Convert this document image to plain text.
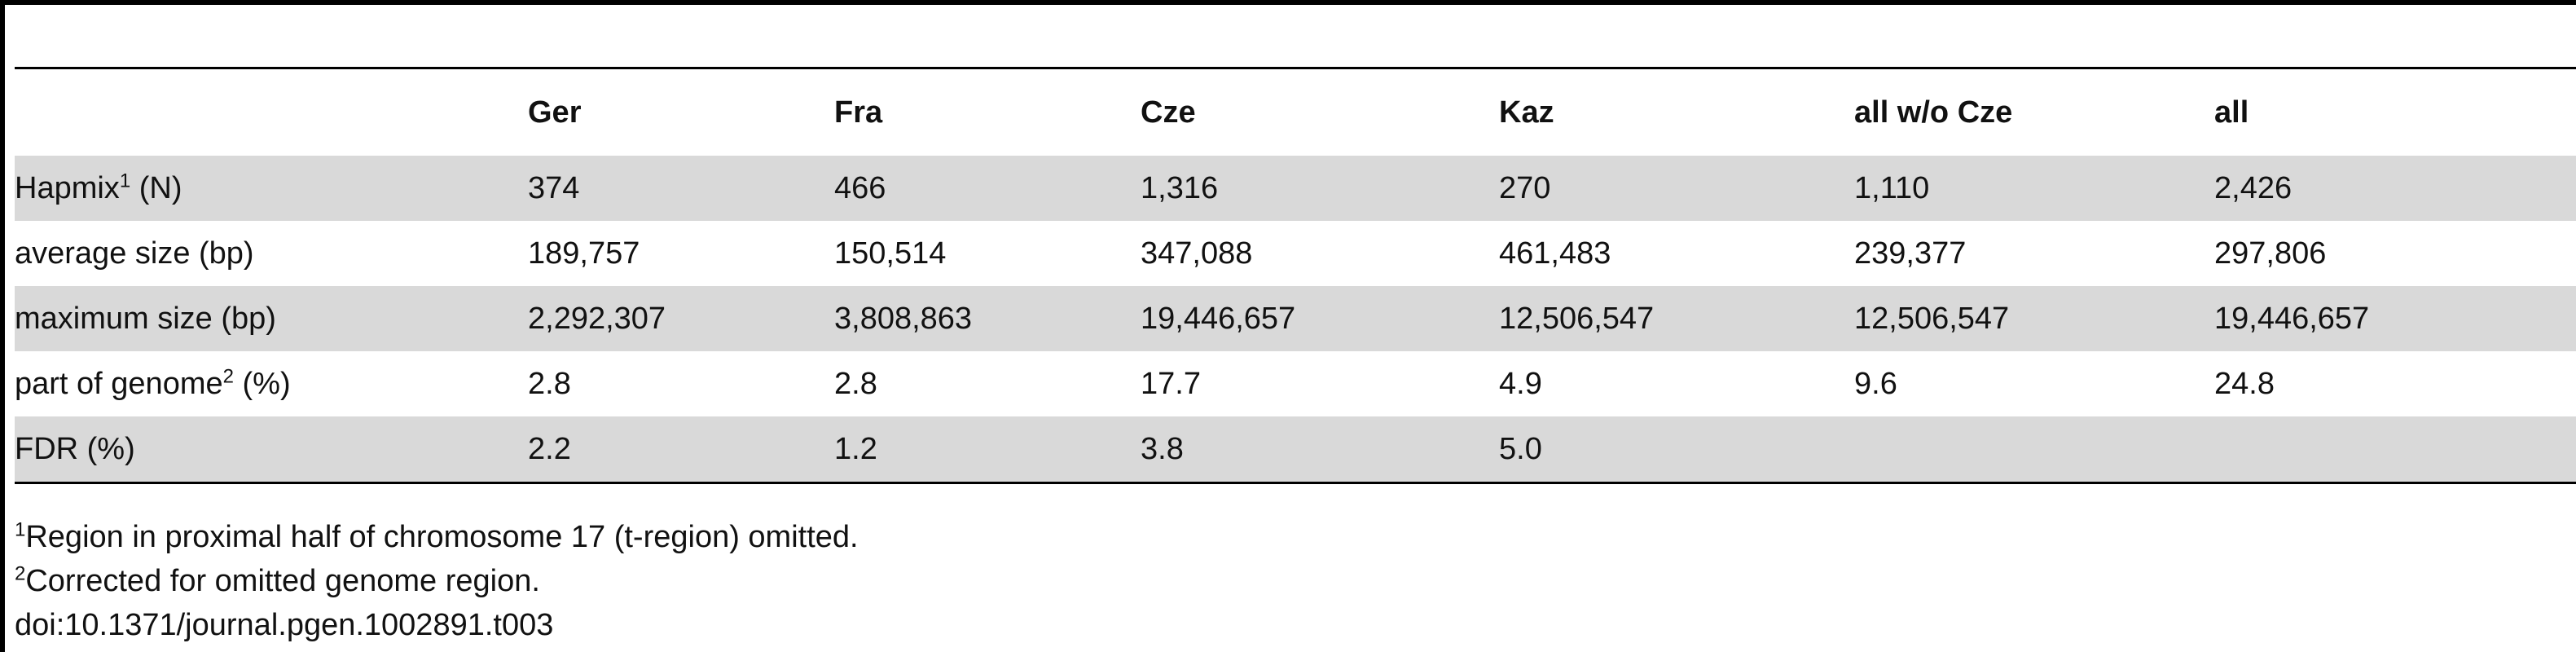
	Ger	Fra	Cze	Kaz	all w/o Cze	all
Hapmix$^1$ (N)	374	466	1,316	270	1,110	2,426
average size (bp)	189,757	150,514	347,088	461,483	239,377	297,806
maximum size (bp)	2,292,307	3,808,863	19,446,657	12,506,547	12,506,547	19,446,657
part of genome$^2$ (%)	2.8	2.8	17.7	4.9	9.6	24.8
FDR (%)	2.2	1.2	3.8	5.0		
$^1$Region in proximal half of chromosome 17 (t-region) omitted.
$^2$Corrected for omitted genome region.
doi:10.1371/journal.pgen.1002891.t003
